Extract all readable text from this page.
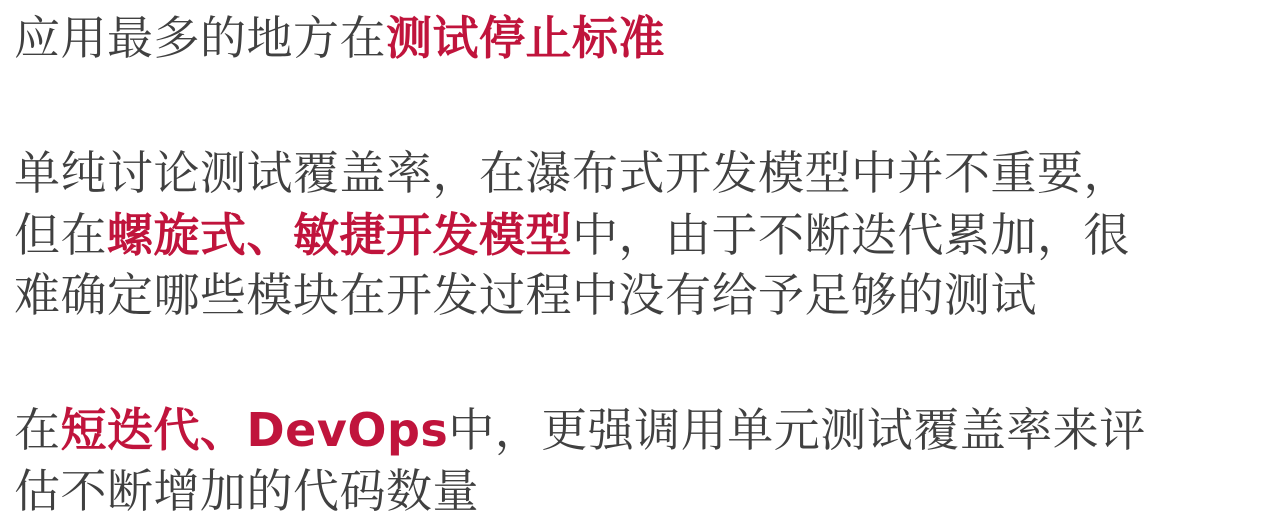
应用最多的地方在测试停止标准
单纯讨论测试覆盖率，在瀑布式开发模型中并不重要，
但在螺旋式、敏捷开发模型中，由于不断迭代累加，很
难确定哪些模块在开发过程中没有给予足够的测试
在短迭代、DevOps中，更强调用单元测试覆盖率来评
估不断增加的代码数量
